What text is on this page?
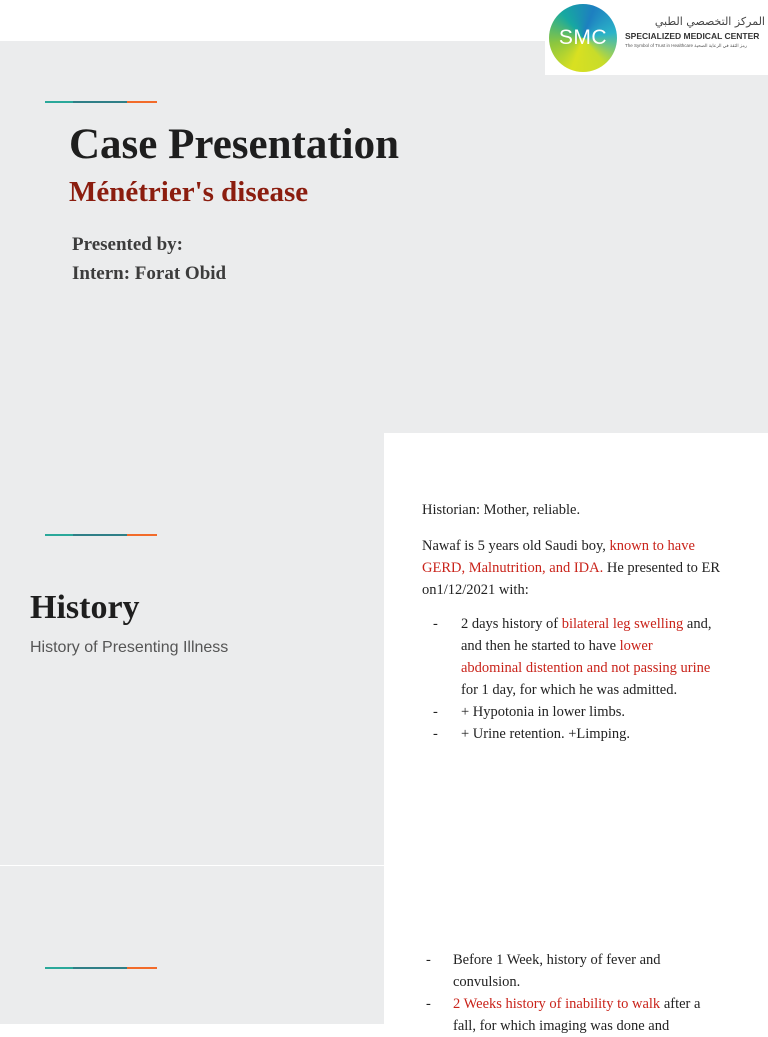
Case Presentation
Ménétrier's disease
Presented by:
Intern: Forat Obid
SMC
المركز التخصصي الطبي
SPECIALIZED MEDICAL CENTER
The Symbol of Trust in Healthcare رمز الثقة في الرعاية الصحية
History
History of Presenting Illness

Historian: Mother, reliable.

Nawaf is 5 years old Saudi boy, known to have GERD, Malnutrition, and IDA. He presented to ER on1/12/2021 with:

- 2 days history of bilateral leg swelling and, and then he started to have lower abdominal distention and not passing urine for 1 day, for which he was admitted.
- + Hypotonia in lower limbs.
- + Urine retention. +Limping.
- Before 1 Week, history of fever and convulsion.
- 2 Weeks history of inability to walk after a fall, for which imaging was done and
